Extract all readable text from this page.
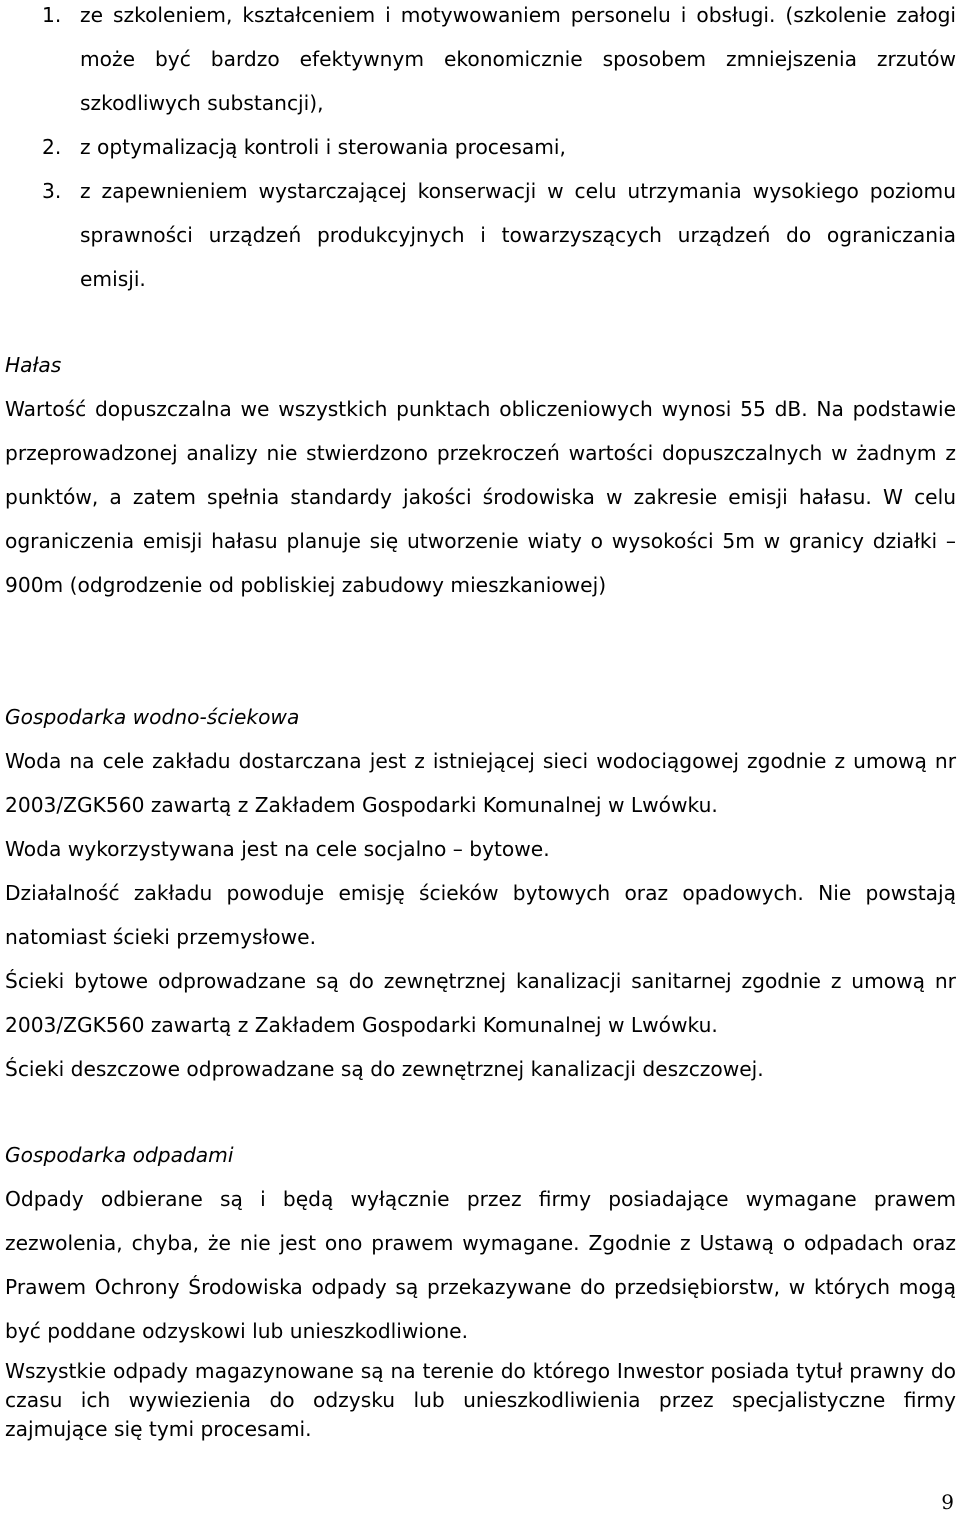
1. ze szkoleniem, kształceniem i motywowaniem personelu i obsługi. (szkolenie załogi może być bardzo efektywnym ekonomicznie sposobem zmniejszenia zrzutów szkodliwych substancji),
2. z optymalizacją kontroli i sterowania procesami,
3. z zapewnieniem wystarczającej konserwacji w celu utrzymania wysokiego poziomu sprawności urządzeń produkcyjnych i towarzyszących urządzeń do ograniczania emisji.

Hałas

Wartość dopuszczalna we wszystkich punktach obliczeniowych wynosi 55 dB. Na podstawie przeprowadzonej analizy nie stwierdzono przekroczeń wartości dopuszczalnych w żadnym z punktów, a zatem spełnia standardy jakości środowiska w zakresie emisji hałasu. W celu ograniczenia emisji hałasu planuje się utworzenie wiaty o wysokości 5m w granicy działki – 900m (odgrodzenie od pobliskiej zabudowy mieszkaniowej)

Gospodarka wodno-ściekowa

Woda na cele zakładu dostarczana jest z istniejącej sieci wodociągowej zgodnie z umową nr 2003/ZGK560 zawartą z Zakładem Gospodarki Komunalnej w Lwówku.

Woda wykorzystywana jest na cele socjalno – bytowe.

Działalność zakładu powoduje emisję ścieków bytowych oraz opadowych. Nie powstają natomiast ścieki przemysłowe.

Ścieki bytowe odprowadzane są do zewnętrznej kanalizacji sanitarnej zgodnie z umową nr 2003/ZGK560 zawartą z Zakładem Gospodarki Komunalnej w Lwówku.

Ścieki deszczowe odprowadzane są do zewnętrznej kanalizacji deszczowej.

Gospodarka odpadami

Odpady odbierane są i będą wyłącznie przez firmy posiadające wymagane prawem zezwolenia, chyba, że nie jest ono prawem wymagane. Zgodnie z Ustawą o odpadach oraz Prawem Ochrony Środowiska odpady są przekazywane do przedsiębiorstw, w których mogą być poddane odzyskowi lub unieszkodliwione.

Wszystkie odpady magazynowane są na terenie do którego Inwestor posiada tytuł prawny do czasu ich wywiezienia do odzysku lub unieszkodliwienia przez specjalistyczne firmy zajmujące się tymi procesami.

9
